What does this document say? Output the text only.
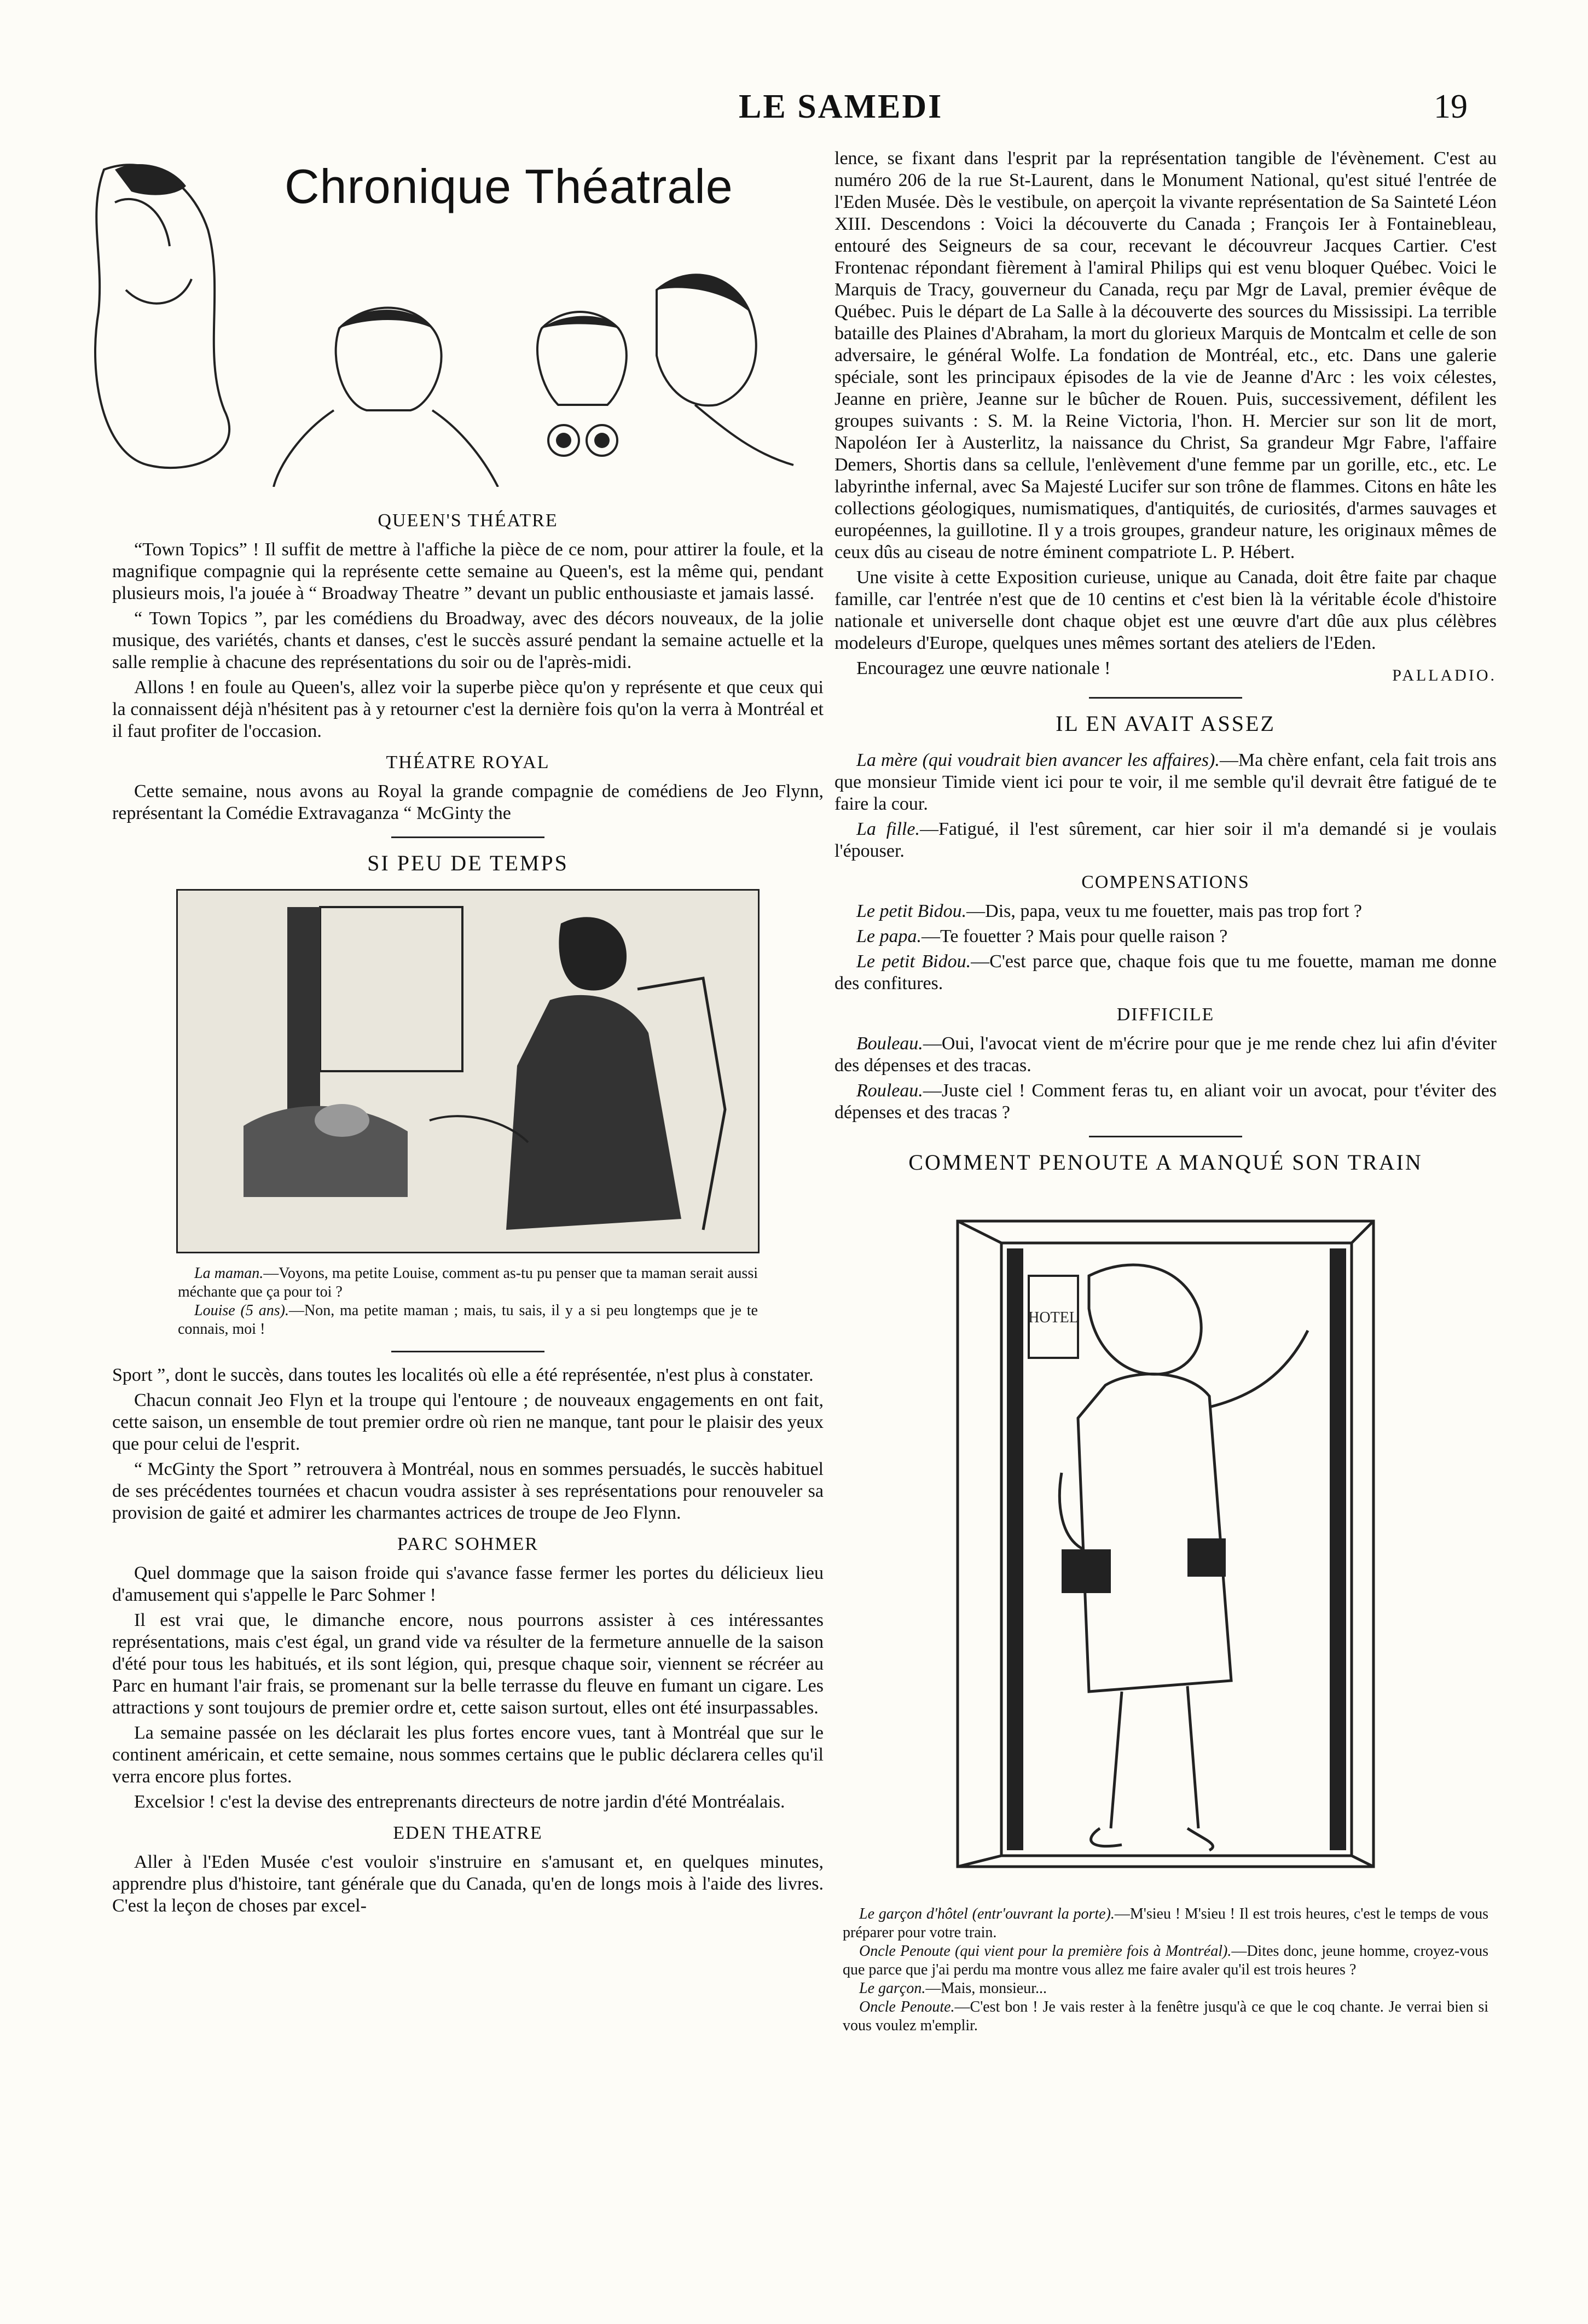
LE SAMEDI	19
Chronique Théatrale
QUEEN'S THÉATRE

“Town Topics” ! Il suffit de mettre à l'affiche la pièce de ce nom, pour attirer la foule, et la magnifique compagnie qui la représente cette semaine au Queen's, est la même qui, pendant plusieurs mois, l'a jouée à “ Broadway Theatre ” devant un public enthousiaste et jamais lassé.

“ Town Topics ”, par les comédiens du Broadway, avec des décors nouveaux, de la jolie musique, des variétés, chants et danses, c'est le succès assuré pendant la semaine actuelle et la salle remplie à chacune des représentations du soir ou de l'après-midi.

Allons ! en foule au Queen's, allez voir la superbe pièce qu'on y représente et que ceux qui la connaissent déjà n'hésitent pas à y retourner c'est la dernière fois qu'on la verra à Montréal et il faut profiter de l'occasion.

THÉATRE ROYAL

Cette semaine, nous avons au Royal la grande compagnie de comédiens de Jeo Flynn, représentant la Comédie Extravaganza “ McGinty the

SI PEU DE TEMPS
La maman.—Voyons, ma petite Louise, comment as-tu pu penser que ta maman serait aussi méchante que ça pour toi ?
Louise (5 ans).—Non, ma petite maman ; mais, tu sais, il y a si peu longtemps que je te connais, moi !

Sport ”, dont le succès, dans toutes les localités où elle a été représentée, n'est plus à constater.

Chacun connait Jeo Flyn et la troupe qui l'entoure ; de nouveaux engagements en ont fait, cette saison, un ensemble de tout premier ordre où rien ne manque, tant pour le plaisir des yeux que pour celui de l'esprit.

“ McGinty the Sport ” retrouvera à Montréal, nous en sommes persuadés, le succès habituel de ses précédentes tournées et chacun voudra assister à ses représentations pour renouveler sa provision de gaité et admirer les charmantes actrices de troupe de Jeo Flynn.

PARC SOHMER

Quel dommage que la saison froide qui s'avance fasse fermer les portes du délicieux lieu d'amusement qui s'appelle le Parc Sohmer !

Il est vrai que, le dimanche encore, nous pourrons assister à ces intéressantes représentations, mais c'est égal, un grand vide va résulter de la fermeture annuelle de la saison d'été pour tous les habitués, et ils sont légion, qui, presque chaque soir, viennent se récréer au Parc en humant l'air frais, se promenant sur la belle terrasse du fleuve en fumant un cigare. Les attractions y sont toujours de premier ordre et, cette saison surtout, elles ont été insurpassables.

La semaine passée on les déclarait les plus fortes encore vues, tant à Montréal que sur le continent américain, et cette semaine, nous sommes certains que le public déclarera celles qu'il verra encore plus fortes.

Excelsior ! c'est la devise des entreprenants directeurs de notre jardin d'été Montréalais.

EDEN THEATRE

Aller à l'Eden Musée c'est vouloir s'instruire en s'amusant et, en quelques minutes, apprendre plus d'histoire, tant générale que du Canada, qu'en de longs mois à l'aide des livres. C'est la leçon de choses par excel-

lence, se fixant dans l'esprit par la représentation tangible de l'évènement. C'est au numéro 206 de la rue St-Laurent, dans le Monument National, qu'est situé l'entrée de l'Eden Musée. Dès le vestibule, on aperçoit la vivante représentation de Sa Sainteté Léon XIII. Descendons : Voici la découverte du Canada ; François Ier à Fontainebleau, entouré des Seigneurs de sa cour, recevant le découvreur Jacques Cartier. C'est Frontenac répondant fièrement à l'amiral Philips qui est venu bloquer Québec. Voici le Marquis de Tracy, gouverneur du Canada, reçu par Mgr de Laval, premier évêque de Québec. Puis le départ de La Salle à la découverte des sources du Mississipi. La terrible bataille des Plaines d'Abraham, la mort du glorieux Marquis de Montcalm et celle de son adversaire, le général Wolfe. La fondation de Montréal, etc., etc. Dans une galerie spéciale, sont les principaux épisodes de la vie de Jeanne d'Arc : les voix célestes, Jeanne en prière, Jeanne sur le bûcher de Rouen. Puis, successivement, défilent les groupes suivants : S. M. la Reine Victoria, l'hon. H. Mercier sur son lit de mort, Napoléon Ier à Austerlitz, la naissance du Christ, Sa grandeur Mgr Fabre, l'affaire Demers, Shortis dans sa cellule, l'enlèvement d'une femme par un gorille, etc., etc. Le labyrinthe infernal, avec Sa Majesté Lucifer sur son trône de flammes. Citons en hâte les collections géologiques, numismatiques, d'antiquités, de curiosités, d'armes sauvages et européennes, la guillotine. Il y a trois groupes, grandeur nature, les originaux mêmes de ceux dûs au ciseau de notre éminent compatriote L. P. Hébert.

Une visite à cette Exposition curieuse, unique au Canada, doit être faite par chaque famille, car l'entrée n'est que de 10 centins et c'est bien là la véritable école d'histoire nationale et universelle dont chaque objet est une œuvre d'art dûe aux plus célèbres modeleurs d'Europe, quelques unes mêmes sortant des ateliers de l'Eden.

Encouragez une œuvre nationale !	PALLADIO.
IL EN AVAIT ASSEZ

La mère (qui voudrait bien avancer les affaires).—Ma chère enfant, cela fait trois ans que monsieur Timide vient ici pour te voir, il me semble qu'il devrait être fatigué de te faire la cour.

La fille.—Fatigué, il l'est sûrement, car hier soir il m'a demandé si je voulais l'épouser.

COMPENSATIONS

Le petit Bidou.—Dis, papa, veux tu me fouetter, mais pas trop fort ?

Le papa.—Te fouetter ? Mais pour quelle raison ?

Le petit Bidou.—C'est parce que, chaque fois que tu me fouette, maman me donne des confitures.

DIFFICILE

Bouleau.—Oui, l'avocat vient de m'écrire pour que je me rende chez lui afin d'éviter des dépenses et des tracas.

Rouleau.—Juste ciel ! Comment feras tu, en aliant voir un avocat, pour t'éviter des dépenses et des tracas ?

COMMENT PENOUTE A MANQUÉ SON TRAIN
HOTEL
Le garçon d'hôtel (entr'ouvrant la porte).—M'sieu ! M'sieu ! Il est trois heures, c'est le temps de vous préparer pour votre train.
Oncle Penoute (qui vient pour la première fois à Montréal).—Dites donc, jeune homme, croyez-vous que parce que j'ai perdu ma montre vous allez me faire avaler qu'il est trois heures ?
Le garçon.—Mais, monsieur...
Oncle Penoute.—C'est bon ! Je vais rester à la fenêtre jusqu'à ce que le coq chante. Je verrai bien si vous voulez m'emplir.
